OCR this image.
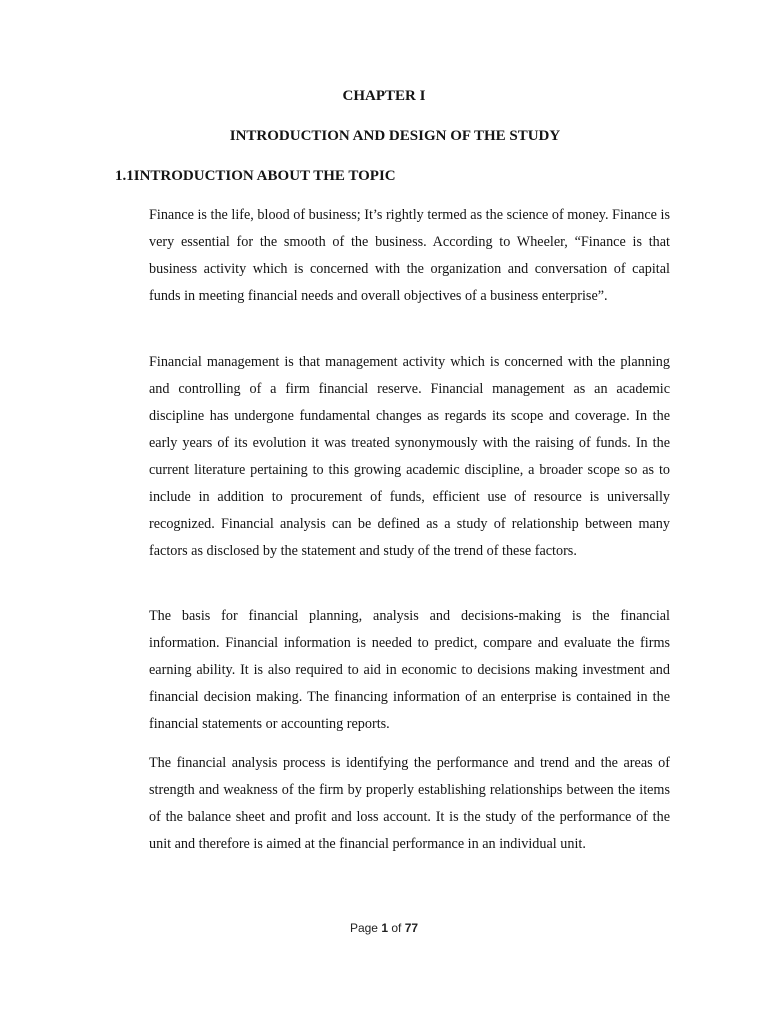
CHAPTER I
INTRODUCTION AND DESIGN OF THE STUDY
1.1INTRODUCTION ABOUT THE TOPIC

Finance is the life, blood of business; It’s rightly termed as the science of money. Finance is very essential for the smooth of the business. According to Wheeler, “Finance is that business activity which is concerned with the organization and conversation of capital funds in meeting financial needs and overall objectives of a business enterprise”.

Financial management is that management activity which is concerned with the planning and controlling of a firm financial reserve. Financial management as an academic discipline has undergone fundamental changes as regards its scope and coverage. In the early years of its evolution it was treated synonymously with the raising of funds. In the current literature pertaining to this growing academic discipline, a broader scope so as to include in addition to procurement of funds, efficient use of resource is universally recognized. Financial analysis can be defined as a study of relationship between many factors as disclosed by the statement and study of the trend of these factors.

The basis for financial planning, analysis and decisions-making is the financial information. Financial information is needed to predict, compare and evaluate the firms earning ability. It is also required to aid in economic to decisions making investment and financial decision making. The financing information of an enterprise is contained in the financial statements or accounting reports.

The financial analysis process is identifying the performance and trend and the areas of strength and weakness of the firm by properly establishing relationships between the items of the balance sheet and profit and loss account. It is the study of the performance of the unit and therefore is aimed at the financial performance in an individual unit.

Page 1 of 77
